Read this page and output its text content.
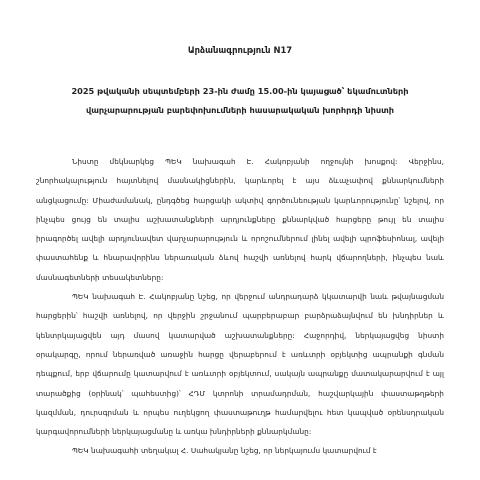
Արձանագրություն N17
2025 թվականի սեպտեմբերի 23-ին ժամը 15.00-ին կայացած՝ եկամուտների վարչարարության բարեփոխումների հասարակական խորհրդի նիստի

Նիստը մեկնարկեց ՊԵԿ նախագահ Է. Հակոբյանի ողջույնի խոսքով: Վերջինս, շնորհակալություն հայտնելով մասնակիցներին, կարևորել է այս ձևաչափով քննարկումների անցկացումը: Միաժամանակ, ընդգծեց հարցակի ակտիվ գործունեության կարևորությունը՝ նշելով, որ ինչպես ցույց են տալիս աշխատանքների արդյունքները քննարկված հարցերը թույլ են տալիս իրագործել ավելի արդյունավետ վարչարարություն և որոշումներում լինել ավելի պրոֆեսիոնալ, ավելի փաստահենք և հնարավորինս ներառական ձևով հաշվի առնելով հարկ վճարողների, ինչպես նաև մասնագետների տեսակետները:

ՊԵԿ նախագահ Է. Հակոբյանը նշեց, որ վերջում անդրադարձ կկատարվի նաև թվայնացման հարցերին՝ հաշվի առնելով, որ վերջին շրջանում պարբերաբար բարձրաձայնվում են խնդիրներ և կենտրկայացվեն այդ մասով կատարված աշխատանքները: Հաջորդիվ, ներկայացվեց նիստի օրակարգը, որում ներառված առաջին հարցը վերաբերում է առևտրի օբյեկտից ապրանքի գնման դեպքում, երբ վճարումը կատարվում է առևտրի օբյեկտում, սակայն ապրանքը մատակարարվում է այլ տարածքից (օրինակ՝ պահեստից)՝ ՀԴՄ կտրոնի տրամադրման, հաշվարկային փաստաթղթերի կազմման, դուրսգրման և որպես ուղեկցող փաստաթուղթ համարվելու հետ կապված օրենսդրական կարգավորումների ներկայացմանը և առկա խնդիրների քննարկմանը:

ՊԵԿ նախագահի տեղակալ Հ. Սահակյանը նշեց, որ ներկայումս կատարվում է
